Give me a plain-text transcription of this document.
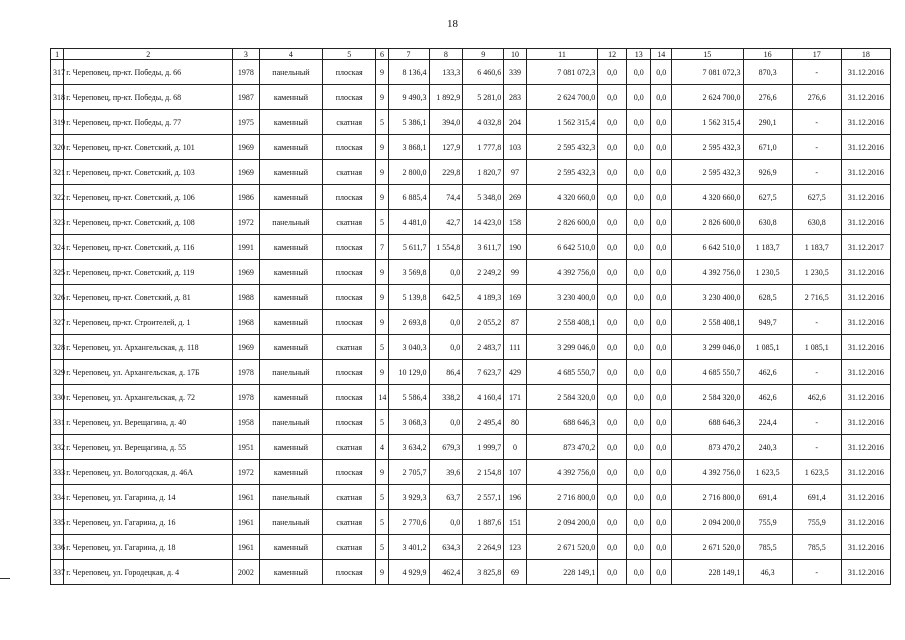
18
1	2	3	4	5	6	7	8	9	10	11	12	13	14	15	16	17	18
317	г. Череповец, пр-кт. Победы, д. 66	1978	панельный	плоская	9	8 136,4	133,3	6 460,6	339	7 081 072,3	0,0	0,0	0,0	7 081 072,3	870,3	-	31.12.2016
318	г. Череповец, пр-кт. Победы, д. 68	1987	каменный	плоская	9	9 490,3	1 892,9	5 281,0	283	2 624 700,0	0,0	0,0	0,0	2 624 700,0	276,6	276,6	31.12.2016
319	г. Череповец, пр-кт. Победы, д. 77	1975	каменный	скатная	5	5 386,1	394,0	4 032,8	204	1 562 315,4	0,0	0,0	0,0	1 562 315,4	290,1	-	31.12.2016
320	г. Череповец, пр-кт. Советский, д. 101	1969	каменный	плоская	9	3 868,1	127,9	1 777,8	103	2 595 432,3	0,0	0,0	0,0	2 595 432,3	671,0	-	31.12.2016
321	г. Череповец, пр-кт. Советский, д. 103	1969	каменный	скатная	9	2 800,0	229,8	1 820,7	97	2 595 432,3	0,0	0,0	0,0	2 595 432,3	926,9	-	31.12.2016
322	г. Череповец, пр-кт. Советский, д. 106	1986	каменный	плоская	9	6 885,4	74,4	5 348,0	269	4 320 660,0	0,0	0,0	0,0	4 320 660,0	627,5	627,5	31.12.2016
323	г. Череповец, пр-кт. Советский, д. 108	1972	панельный	скатная	5	4 481,0	42,7	14 423,0	158	2 826 600,0	0,0	0,0	0,0	2 826 600,0	630,8	630,8	31.12.2016
324	г. Череповец, пр-кт. Советский, д. 116	1991	каменный	плоская	7	5 611,7	1 554,8	3 611,7	190	6 642 510,0	0,0	0,0	0,0	6 642 510,0	1 183,7	1 183,7	31.12.2017
325	г. Череповец, пр-кт. Советский, д. 119	1969	каменный	плоская	9	3 569,8	0,0	2 249,2	99	4 392 756,0	0,0	0,0	0,0	4 392 756,0	1 230,5	1 230,5	31.12.2016
326	г. Череповец, пр-кт. Советский, д. 81	1988	каменный	плоская	9	5 139,8	642,5	4 189,3	169	3 230 400,0	0,0	0,0	0,0	3 230 400,0	628,5	2 716,5	31.12.2016
327	г. Череповец, пр-кт. Строителей, д. 1	1968	каменный	плоская	9	2 693,8	0,0	2 055,2	87	2 558 408,1	0,0	0,0	0,0	2 558 408,1	949,7	-	31.12.2016
328	г. Череповец, ул. Архангельская, д. 118	1969	каменный	скатная	5	3 040,3	0,0	2 483,7	111	3 299 046,0	0,0	0,0	0,0	3 299 046,0	1 085,1	1 085,1	31.12.2016
329	г. Череповец, ул. Архангельская, д. 17Б	1978	панельный	плоская	9	10 129,0	86,4	7 623,7	429	4 685 550,7	0,0	0,0	0,0	4 685 550,7	462,6	-	31.12.2016
330	г. Череповец, ул. Архангельская, д. 72	1978	каменный	плоская	14	5 586,4	338,2	4 160,4	171	2 584 320,0	0,0	0,0	0,0	2 584 320,0	462,6	462,6	31.12.2016
331	г. Череповец, ул. Верещагина, д. 40	1958	панельный	плоская	5	3 068,3	0,0	2 495,4	80	688 646,3	0,0	0,0	0,0	688 646,3	224,4	-	31.12.2016
332	г. Череповец, ул. Верещагина, д. 55	1951	каменный	скатная	4	3 634,2	679,3	1 999,7	0	873 470,2	0,0	0,0	0,0	873 470,2	240,3	-	31.12.2016
333	г. Череповец, ул. Вологодская, д. 46А	1972	каменный	плоская	9	2 705,7	39,6	2 154,8	107	4 392 756,0	0,0	0,0	0,0	4 392 756,0	1 623,5	1 623,5	31.12.2016
334	г. Череповец, ул. Гагарина, д. 14	1961	панельный	скатная	5	3 929,3	63,7	2 557,1	196	2 716 800,0	0,0	0,0	0,0	2 716 800,0	691,4	691,4	31.12.2016
335	г. Череповец, ул. Гагарина, д. 16	1961	панельный	скатная	5	2 770,6	0,0	1 887,6	151	2 094 200,0	0,0	0,0	0,0	2 094 200,0	755,9	755,9	31.12.2016
336	г. Череповец, ул. Гагарина, д. 18	1961	каменный	скатная	5	3 401,2	634,3	2 264,9	123	2 671 520,0	0,0	0,0	0,0	2 671 520,0	785,5	785,5	31.12.2016
337	г. Череповец, ул. Городецкая, д. 4	2002	каменный	плоская	9	4 929,9	462,4	3 825,8	69	228 149,1	0,0	0,0	0,0	228 149,1	46,3	-	31.12.2016
